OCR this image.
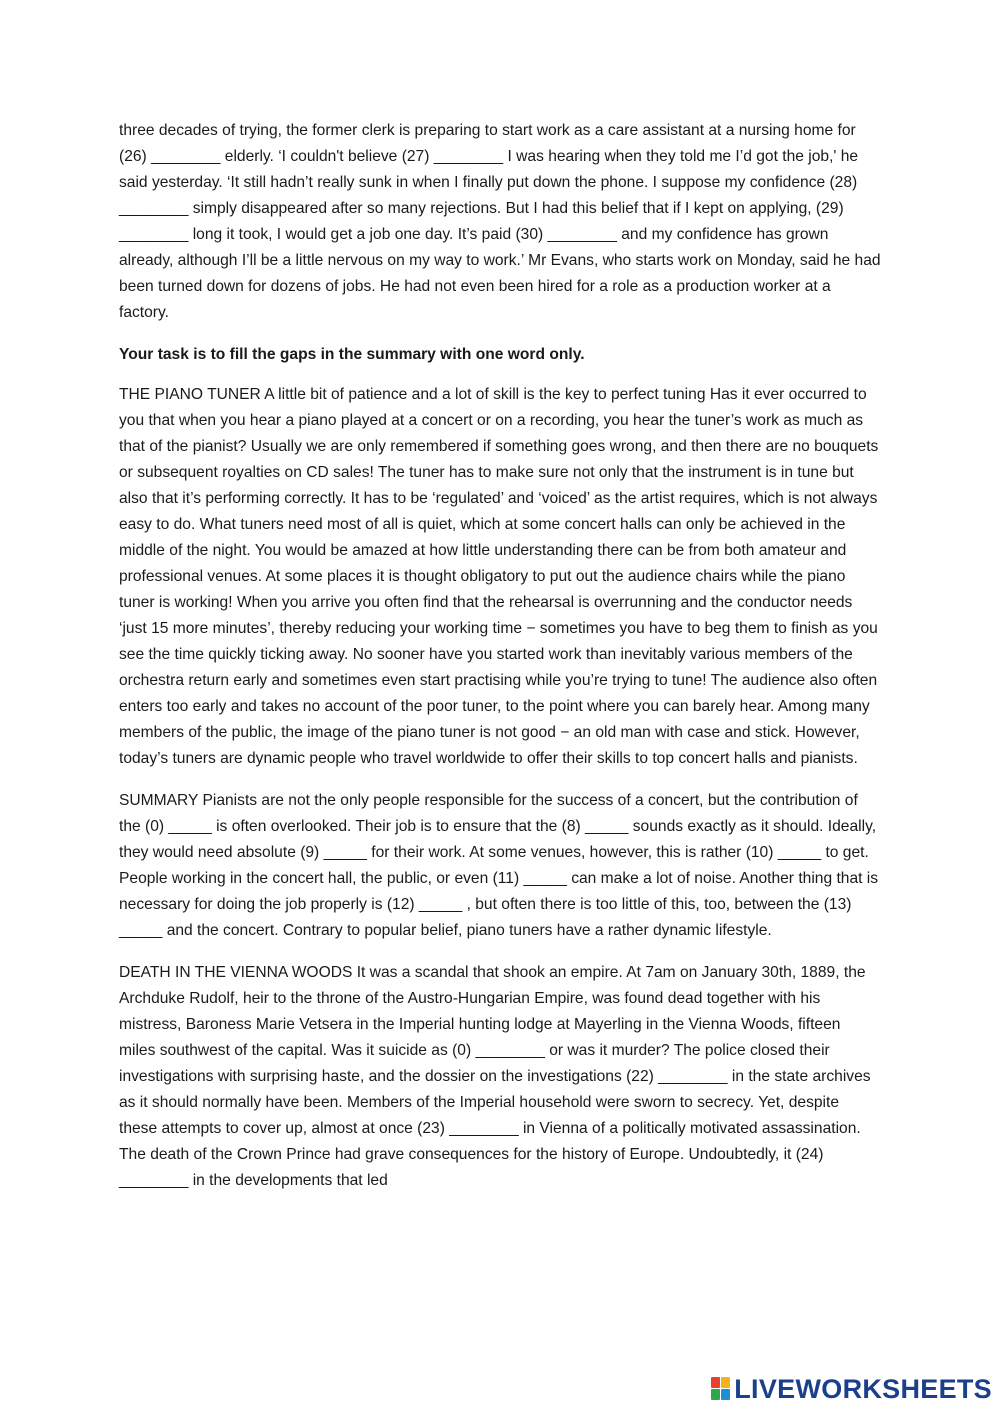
three decades of trying, the former clerk is preparing to start work as a care assistant at a nursing home for (26) ________ elderly. ‘I couldn't believe (27) ________ I was hearing when they told me I’d got the job,' he said yesterday. ‘It still hadn’t really sunk in when I finally put down the phone. I suppose my confidence (28) ________ simply disappeared after so many rejections. But I had this belief that if I kept on applying, (29) ________ long it took, I would get a job one day. It’s paid (30) ________ and my confidence has grown already, although I’ll be a little nervous on my way to work.’ Mr Evans, who starts work on Monday, said he had been turned down for dozens of jobs. He had not even been hired for a role as a production worker at a factory.

Your task is to fill the gaps in the summary with one word only.

THE PIANO TUNER A little bit of patience and a lot of skill is the key to perfect tuning Has it ever occurred to you that when you hear a piano played at a concert or on a recording, you hear the tuner’s work as much as that of the pianist? Usually we are only remembered if something goes wrong, and then there are no bouquets or subsequent royalties on CD sales! The tuner has to make sure not only that the instrument is in tune but also that it’s performing correctly. It has to be ‘regulated’ and ‘voiced’ as the artist requires, which is not always easy to do. What tuners need most of all is quiet, which at some concert halls can only be achieved in the middle of the night. You would be amazed at how little understanding there can be from both amateur and professional venues. At some places it is thought obligatory to put out the audience chairs while the piano tuner is working! When you arrive you often find that the rehearsal is overrunning and the conductor needs ‘just 15 more minutes’, thereby reducing your working time − sometimes you have to beg them to finish as you see the time quickly ticking away. No sooner have you started work than inevitably various members of the orchestra return early and sometimes even start practising while you’re trying to tune! The audience also often enters too early and takes no account of the poor tuner, to the point where you can barely hear. Among many members of the public, the image of the piano tuner is not good − an old man with case and stick. However, today’s tuners are dynamic people who travel worldwide to offer their skills to top concert halls and pianists.

SUMMARY Pianists are not the only people responsible for the success of a concert, but the contribution of the (0) _____ is often overlooked. Their job is to ensure that the (8) _____ sounds exactly as it should. Ideally, they would need absolute (9) _____ for their work. At some venues, however, this is rather (10) _____ to get. People working in the concert hall, the public, or even (11) _____ can make a lot of noise. Another thing that is necessary for doing the job properly is (12) _____ , but often there is too little of this, too, between the (13) _____ and the concert. Contrary to popular belief, piano tuners have a rather dynamic lifestyle.

DEATH IN THE VIENNA WOODS It was a scandal that shook an empire. At 7am on January 30th, 1889, the Archduke Rudolf, heir to the throne of the Austro-Hungarian Empire, was found dead together with his mistress, Baroness Marie Vetsera in the Imperial hunting lodge at Mayerling in the Vienna Woods, fifteen miles southwest of the capital. Was it suicide as (0) ________ or was it murder? The police closed their investigations with surprising haste, and the dossier on the investigations (22) ________ in the state archives as it should normally have been. Members of the Imperial household were sworn to secrecy. Yet, despite these attempts to cover up, almost at once (23) ________ in Vienna of a politically motivated assassination. The death of the Crown Prince had grave consequences for the history of Europe. Undoubtedly, it (24) ________ in the developments that led

LIVEWORKSHEETS
